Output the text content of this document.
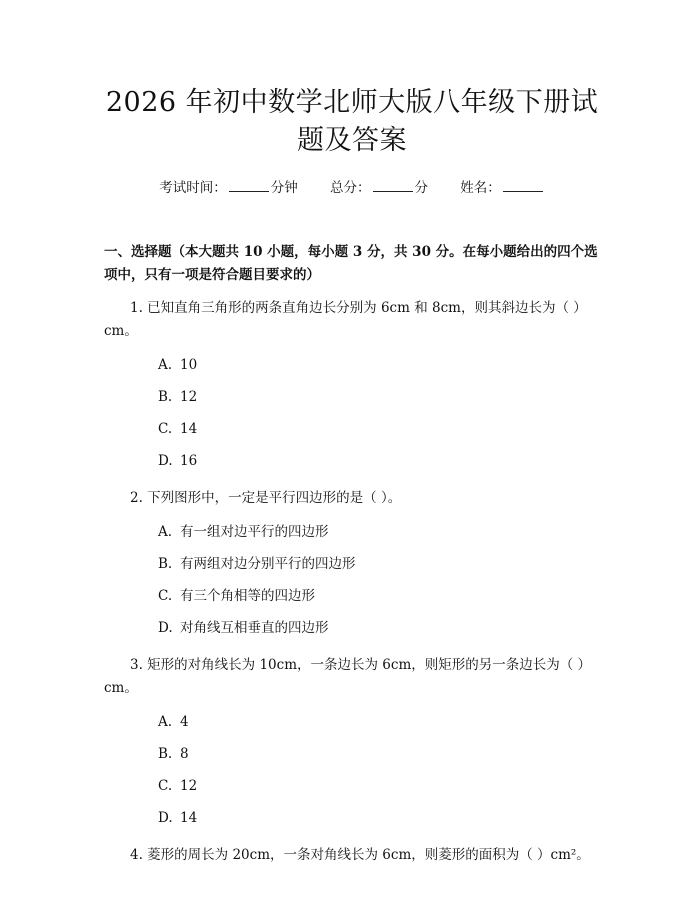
2026 年初中数学北师大版八年级下册试题及答案
考试时间：	分钟 总分：	分 姓名：
一、选择题（本大题共 10 小题，每小题 3 分，共 30 分。在每小题给出的四个选项中，只有一项是符合题目要求的）
1. 已知直角三角形的两条直角边长分别为 6cm 和 8cm，则其斜边长为（ ）cm。
A. 10
B. 12
C. 14
D. 16
2. 下列图形中，一定是平行四边形的是（ ）。
A. 有一组对边平行的四边形
B. 有两组对边分别平行的四边形
C. 有三个角相等的四边形
D. 对角线互相垂直的四边形
3. 矩形的对角线长为 10cm，一条边长为 6cm，则矩形的另一条边长为（ ）cm。
A. 4
B. 8
C. 12
D. 14
4. 菱形的周长为 20cm，一条对角线长为 6cm，则菱形的面积为（ ）cm²。
